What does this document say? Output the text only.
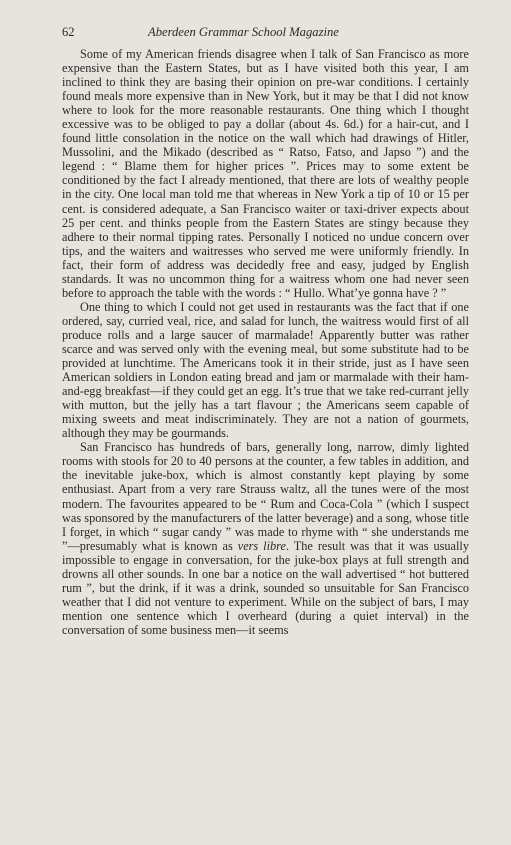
62	Aberdeen Grammar School Magazine

Some of my American friends disagree when I talk of San Francisco as more expensive than the Eastern States, but as I have visited both this year, I am inclined to think they are basing their opinion on pre-war conditions. I certainly found meals more expensive than in New York, but it may be that I did not know where to look for the more reasonable restaurants. One thing which I thought excessive was to be obliged to pay a dollar (about 4s. 6d.) for a hair-cut, and I found little consolation in the notice on the wall which had drawings of Hitler, Mussolini, and the Mikado (described as “ Ratso, Fatso, and Japso ”) and the legend : “ Blame them for higher prices ”. Prices may to some extent be conditioned by the fact I already mentioned, that there are lots of wealthy people in the city. One local man told me that whereas in New York a tip of 10 or 15 per cent. is considered adequate, a San Francisco waiter or taxi-driver expects about 25 per cent. and thinks people from the Eastern States are stingy because they adhere to their normal tipping rates. Personally I noticed no undue concern over tips, and the waiters and waitresses who served me were uniformly friendly. In fact, their form of address was decidedly free and easy, judged by English standards. It was no uncommon thing for a waitress whom one had never seen before to approach the table with the words : “ Hullo. What’ye gonna have ? ”

One thing to which I could not get used in restaurants was the fact that if one ordered, say, curried veal, rice, and salad for lunch, the waitress would first of all produce rolls and a large saucer of marmalade! Apparently butter was rather scarce and was served only with the evening meal, but some substitute had to be provided at lunchtime. The Americans took it in their stride, just as I have seen American soldiers in London eating bread and jam or marmalade with their ham-and-egg breakfast—if they could get an egg. It’s true that we take red-currant jelly with mutton, but the jelly has a tart flavour ; the Americans seem capable of mixing sweets and meat indiscriminately. They are not a nation of gourmets, although they may be gourmands.

San Francisco has hundreds of bars, generally long, narrow, dimly lighted rooms with stools for 20 to 40 persons at the counter, a few tables in addition, and the inevitable juke-box, which is almost constantly kept playing by some enthusiast. Apart from a very rare Strauss waltz, all the tunes were of the most modern. The favourites appeared to be “ Rum and Coca-Cola ” (which I suspect was sponsored by the manufacturers of the latter beverage) and a song, whose title I forget, in which “ sugar candy ” was made to rhyme with “ she understands me ”—presumably what is known as vers libre. The result was that it was usually impossible to engage in conversation, for the juke-box plays at full strength and drowns all other sounds. In one bar a notice on the wall advertised “ hot buttered rum ”, but the drink, if it was a drink, sounded so unsuitable for San Francisco weather that I did not venture to experiment. While on the subject of bars, I may mention one sentence which I overheard (during a quiet interval) in the conversation of some business men—it seems
